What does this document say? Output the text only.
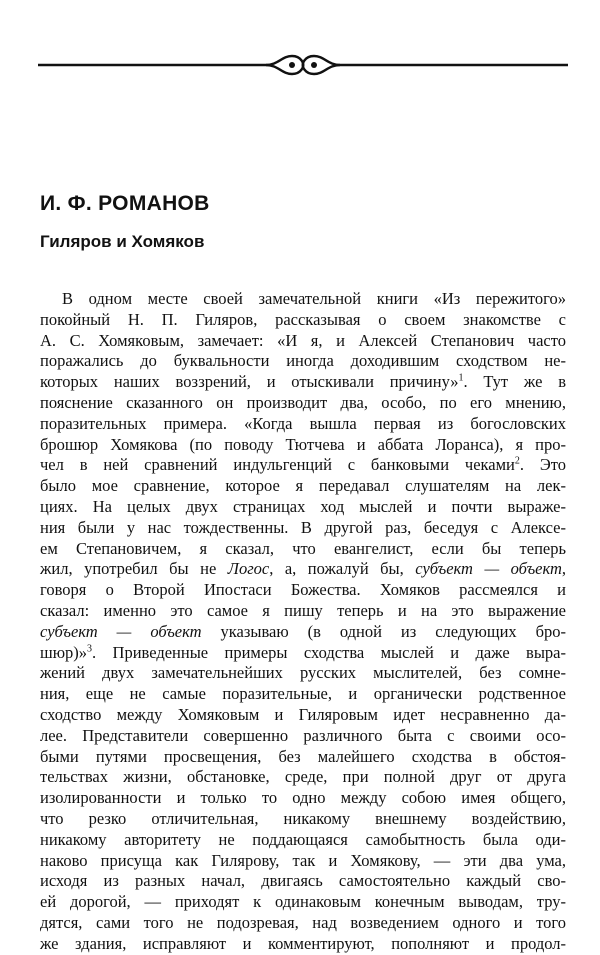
И. Ф. РОМАНОВ
Гиляров и Хомяков
В одном месте своей замечательной книги «Из пережитого»
покойный Н. П. Гиляров, рассказывая о своем знакомстве с
А. С. Хомяковым, замечает: «И я, и Алексей Степанович часто
поражались до буквальности иногда доходившим сходством не-
которых наших воззрений, и отыскивали причину»$^1$. Тут же в
пояснение сказанного он производит два, особо, по его мнению,
поразительных примера. «Когда вышла первая из богословских
брошюр Хомякова (по поводу Тютчева и аббата Лоранса), я про-
чел в ней сравнений индульгенций с банковыми чеками$^2$. Это
было мое сравнение, которое я передавал слушателям на лек-
циях. На целых двух страницах ход мыслей и почти выраже-
ния были у нас тождественны. В другой раз, беседуя с Алексе-
ем Степановичем, я сказал, что евангелист, если бы теперь
жил, употребил бы не Логос, а, пожалуй бы, субъект — объект,
говоря о Второй Ипостаси Божества. Хомяков рассмеялся и
сказал: именно это самое я пишу теперь и на это выражение
субъект — объект указываю (в одной из следующих бро-
шюр)»$^3$. Приведенные примеры сходства мыслей и даже выра-
жений двух замечательнейших русских мыслителей, без сомне-
ния, еще не самые поразительные, и органически родственное
сходство между Хомяковым и Гиляровым идет несравненно да-
лее. Представители совершенно различного быта с своими осо-
быми путями просвещения, без малейшего сходства в обстоя-
тельствах жизни, обстановке, среде, при полной друг от друга
изолированности и только то одно между собою имея общего,
что резко отличительная, никакому внешнему воздействию,
никакому авторитету не поддающаяся самобытность была оди-
наково присуща как Гилярову, так и Хомякову, — эти два ума,
исходя из разных начал, двигаясь самостоятельно каждый сво-
ей дорогой, — приходят к одинаковым конечным выводам, тру-
дятся, сами того не подозревая, над возведением одного и того
же здания, исправляют и комментируют, пополняют и продол-
